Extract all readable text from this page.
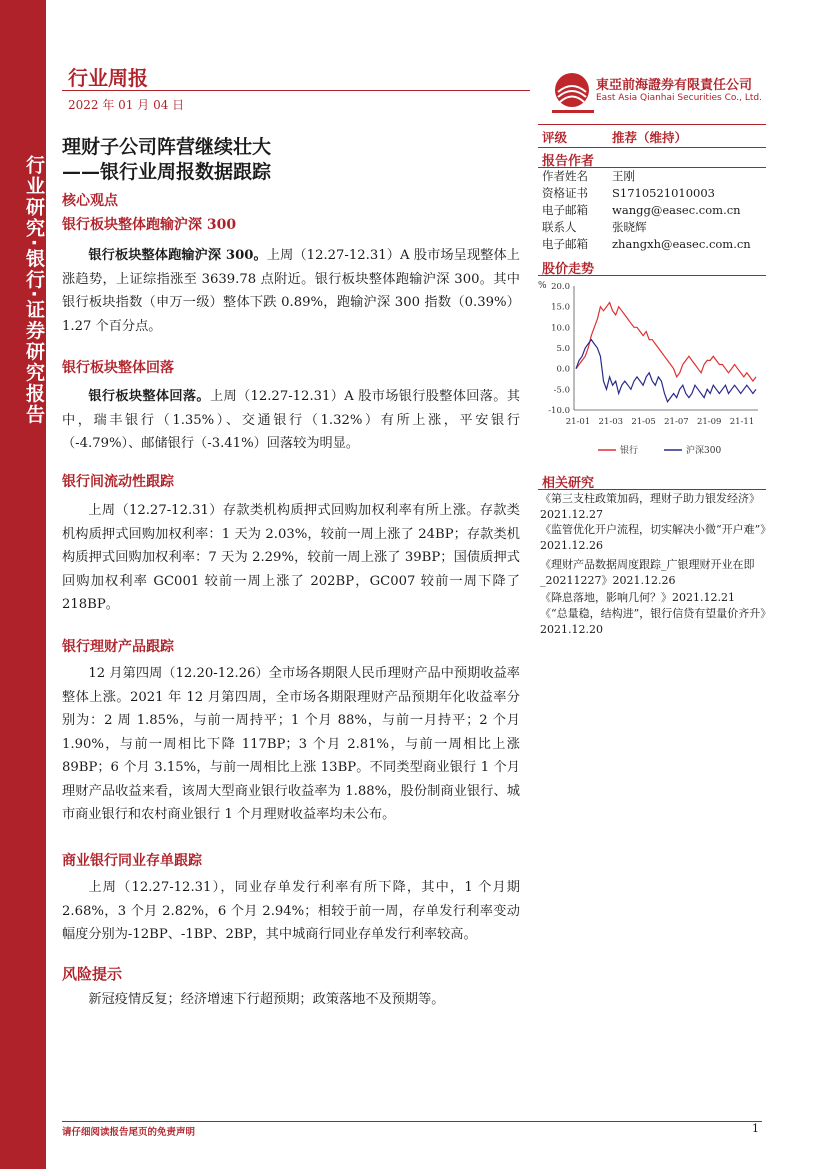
行业研究·银行·证券研究报告
行业周报
2022 年 01 月 04 日
東亞前海證券有限責任公司
East Asia Qianhai Securities Co., Ltd.
理财子公司阵营继续壮大
——银行业周报数据跟踪
核心观点
银行板块整体跑输沪深 300
银行板块整体跑输沪深 300。上周（12.27-12.31）A 股市场呈现整体上涨趋势，上证综指涨至 3639.78 点附近。银行板块整体跑输沪深 300。其中银行板块指数（申万一级）整体下跌 0.89%，跑输沪深 300 指数（0.39%）1.27 个百分点。
银行板块整体回落
银行板块整体回落。上周（12.27-12.31）A 股市场银行股整体回落。其中，瑞丰银行（1.35%）、交通银行（1.32%）有所上涨，平安银行（-4.79%）、邮储银行（-3.41%）回落较为明显。
银行间流动性跟踪
上周（12.27-12.31）存款类机构质押式回购加权利率有所上涨。存款类机构质押式回购加权利率：1 天为 2.03%，较前一周上涨了 24BP；存款类机构质押式回购加权利率：7 天为 2.29%，较前一周上涨了 39BP；国债质押式回购加权利率 GC001 较前一周上涨了 202BP，GC007 较前一周下降了 218BP。
银行理财产品跟踪
12 月第四周（12.20-12.26）全市场各期限人民币理财产品中预期收益率整体上涨。2021 年 12 月第四周，全市场各期限理财产品预期年化收益率分别为：2 周 1.85%，与前一周持平；1 个月 88%，与前一月持平；2 个月 1.90%，与前一周相比下降 117BP；3 个月 2.81%，与前一周相比上涨 89BP；6 个月 3.15%，与前一周相比上涨 13BP。不同类型商业银行 1 个月理财产品收益来看，该周大型商业银行收益率为 1.88%，股份制商业银行、城市商业银行和农村商业银行 1 个月理财收益率均未公布。
商业银行同业存单跟踪
上周（12.27-12.31），同业存单发行利率有所下降，其中，1 个月期 2.68%，3 个月 2.82%，6 个月 2.94%；相较于前一周，存单发行利率变动幅度分别为-12BP、-1BP、2BP，其中城商行同业存单发行利率较高。
风险提示
新冠疫情反复；经济增速下行超预期；政策落地不及预期等。
评级	推荐（维持）
报告作者
作者姓名 王刚
资格证书 S1710521010003
电子邮箱 wangg@easec.com.cn
联系人	张晓辉
电子邮箱 zhangxh@easec.com.cn
股价走势
% 20.0
15.0
10.0
5.0
0.0
-5.0
-10.0
21-01 21-03 21-05 21-07 21-09 21-11
银行	沪深300
相关研究
《第三支柱政策加码，理财子助力银发经济》2021.12.27
《监管优化开户流程，切实解决小微“开户难”》2021.12.26
《理财产品数据周度跟踪_广银理财开业在即_20211227》2021.12.26
《降息落地，影响几何？》2021.12.21
《“总量稳，结构进”，银行信贷有望量价齐升》2021.12.20
请仔细阅读报告尾页的免责声明	1
